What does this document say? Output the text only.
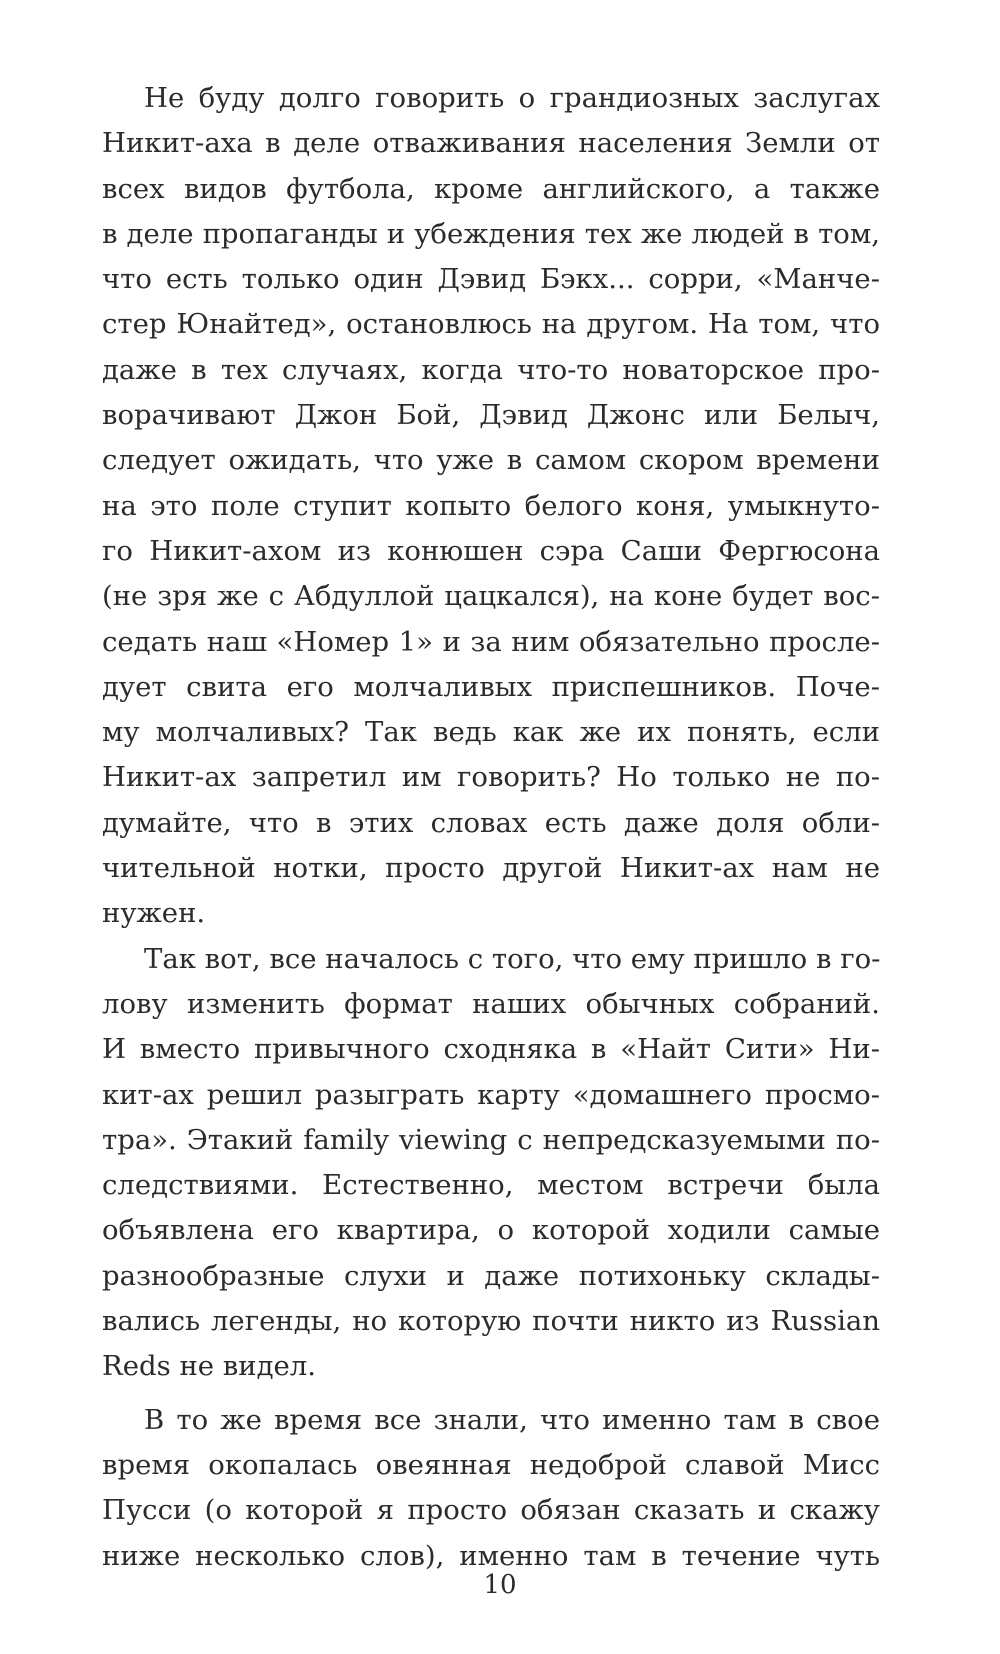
Не буду долго говорить о грандиозных заслугах
Никит-аха в деле отваживания населения Земли от
всех видов футбола, кроме английского, а также
в деле пропаганды и убеждения тех же людей в том,
что есть только один Дэвид Бэкх... сорри, «Манче-
стер Юнайтед», остановлюсь на другом. На том, что
даже в тех случаях, когда что-то новаторское про-
ворачивают Джон Бой, Дэвид Джонс или Белыч,
следует ожидать, что уже в самом скором времени
на это поле ступит копыто белого коня, умыкнуто-
го Никит-ахом из конюшен сэра Саши Фергюсона
(не зря же с Абдуллой цацкался), на коне будет вос-
седать наш «Номер 1» и за ним обязательно просле-
дует свита его молчаливых приспешников. Поче-
му молчаливых? Так ведь как же их понять, если
Никит-ах запретил им говорить? Но только не по-
думайте, что в этих словах есть даже доля обли-
чительной нотки, просто другой Никит-ах нам не
нужен.
Так вот, все началось с того, что ему пришло в го-
лову изменить формат наших обычных собраний.
И вместо привычного сходняка в «Найт Сити» Ни-
кит-ах решил разыграть карту «домашнего просмо-
тра». Этакий family viewing с непредсказуемыми по-
следствиями. Естественно, местом встречи была
объявлена его квартира, о которой ходили самые
разнообразные слухи и даже потихоньку склады-
вались легенды, но которую почти никто из Russian
Reds не видел.
В то же время все знали, что именно там в свое
время окопалась овеянная недоброй славой Мисс
Пусси (о которой я просто обязан сказать и скажу
ниже несколько слов), именно там в течение чуть
10
